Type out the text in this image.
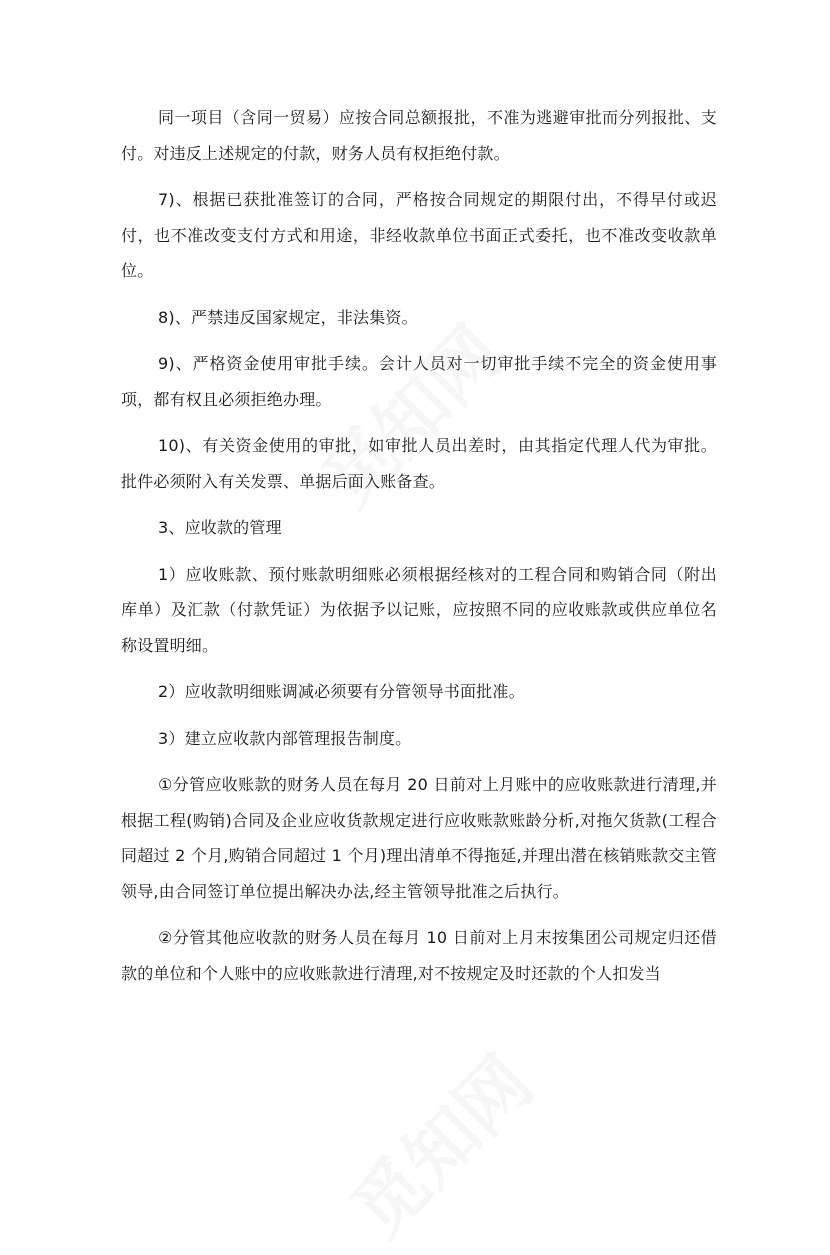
同一项目（含同一贸易）应按合同总额报批，不准为逃避审批而分列报批、支付。对违反上述规定的付款，财务人员有权拒绝付款。

7)、根据已获批准签订的合同，严格按合同规定的期限付出，不得早付或迟付，也不准改变支付方式和用途，非经收款单位书面正式委托，也不准改变收款单位。

8)、严禁违反国家规定，非法集资。

9)、严格资金使用审批手续。会计人员对一切审批手续不完全的资金使用事项，都有权且必须拒绝办理。

10)、有关资金使用的审批，如审批人员出差时，由其指定代理人代为审批。批件必须附入有关发票、单据后面入账备查。

3、应收款的管理

1）应收账款、预付账款明细账必须根据经核对的工程合同和购销合同（附出库单）及汇款（付款凭证）为依据予以记账，应按照不同的应收账款或供应单位名称设置明细。

2）应收款明细账调减必须要有分管领导书面批准。

3）建立应收款内部管理报告制度。

①分管应收账款的财务人员在每月 20 日前对上月账中的应收账款进行清理,并根据工程(购销)合同及企业应收货款规定进行应收账款账龄分析,对拖欠货款(工程合同超过 2 个月,购销合同超过 1 个月)理出清单不得拖延,并理出潜在核销账款交主管领导,由合同签订单位提出解决办法,经主管领导批准之后执行。

②分管其他应收款的财务人员在每月 10 日前对上月末按集团公司规定归还借款的单位和个人账中的应收账款进行清理,对不按规定及时还款的个人扣发当
